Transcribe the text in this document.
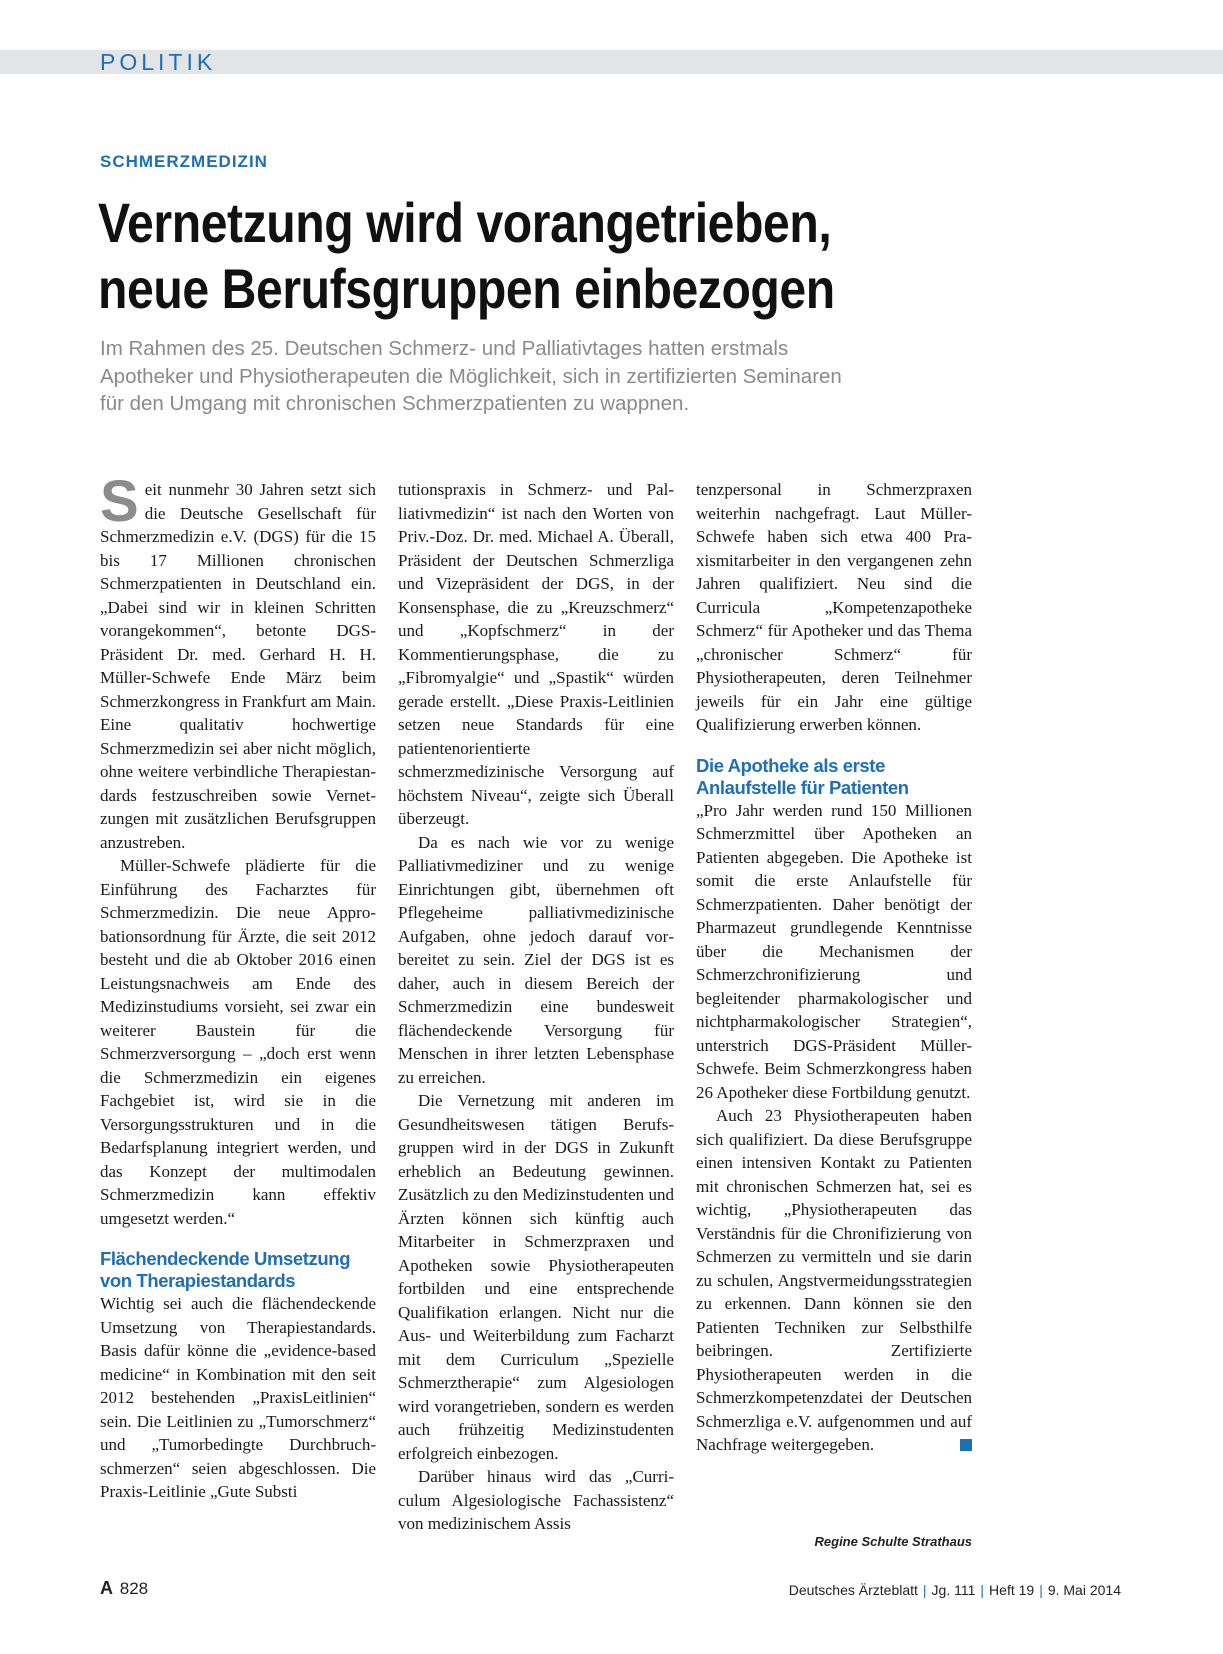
POLITIK
SCHMERZMEDIZIN
Vernetzung wird vorangetrieben,
neue Berufsgruppen einbezogen
Im Rahmen des 25. Deutschen Schmerz- und Palliativtages hatten erstmals
Apotheker und Physiotherapeuten die Möglichkeit, sich in zertifizierten Seminaren
für den Umgang mit chronischen Schmerzpatienten zu wappnen.

Seit nunmehr 30 Jahren setzt sich die Deutsche Gesellschaft für Schmerzmedizin e.V. (DGS) für die 15 bis 17 Millionen chronischen Schmerzpatienten in Deutschland ein. „Dabei sind wir in kleinen Schritten vorangekommen“, betonte DGS-Präsident Dr. med. Gerhard H. H. Müller-Schwefe Ende März beim Schmerzkongress in Frankfurt am Main. Eine qualitativ hochwertige Schmerzmedizin sei aber nicht möglich, ohne weitere verbindliche Therapiestandards festzuschreiben sowie Vernetzungen mit zusätzlichen Berufsgruppen anzustreben.

Müller-Schwefe plädierte für die Einführung des Facharztes für Schmerzmedizin. Die neue Approbationsordnung für Ärzte, die seit 2012 besteht und die ab Oktober 2016 einen Leistungsnachweis am Ende des Medizinstudiums vorsieht, sei zwar ein weiterer Baustein für die Schmerzversorgung – „doch erst wenn die Schmerzmedizin ein eigenes Fachgebiet ist, wird sie in die Versorgungsstrukturen und in die Bedarfsplanung integriert werden, und das Konzept der multimodalen Schmerzmedizin kann effektiv umgesetzt werden.“

Flächendeckende Umsetzung von Therapiestandards

Wichtig sei auch die flächendeckende Umsetzung von Therapiestandards. Basis dafür könne die „evidence-based medicine“ in Kombination mit den seit 2012 bestehenden „PraxisLeitlinien“ sein. Die Leitlinien zu „Tumorschmerz“ und „Tumorbedingte Durchbruchschmerzen“ seien abgeschlossen. Die Praxis-Leitlinie „Gute Substi

tutionspraxis in Schmerz- und Palliativmedizin“ ist nach den Worten von Priv.-Doz. Dr. med. Michael A. Überall, Präsident der Deutschen Schmerzliga und Vizepräsident der DGS, in der Konsensphase, die zu „Kreuzschmerz“ und „Kopfschmerz“ in der Kommentierungsphase, die zu „Fibromyalgie“ und „Spastik“ würden gerade erstellt. „Diese Praxis-Leitlinien setzen neue Standards für eine patientenorientierte schmerzmedizinische Versorgung auf höchstem Niveau“, zeigte sich Überall überzeugt.

Da es nach wie vor zu wenige Palliativmediziner und zu wenige Einrichtungen gibt, übernehmen oft Pflegeheime palliativmedizinische Aufgaben, ohne jedoch darauf vorbereitet zu sein. Ziel der DGS ist es daher, auch in diesem Bereich der Schmerzmedizin eine bundesweit flächendeckende Versorgung für Menschen in ihrer letzten Lebensphase zu erreichen.

Die Vernetzung mit anderen im Gesundheitswesen tätigen Berufsgruppen wird in der DGS in Zukunft erheblich an Bedeutung gewinnen. Zusätzlich zu den Medizinstudenten und Ärzten können sich künftig auch Mitarbeiter in Schmerzpraxen und Apotheken sowie Physiotherapeuten fortbilden und eine entsprechende Qualifikation erlangen. Nicht nur die Aus- und Weiterbildung zum Facharzt mit dem Curriculum „Spezielle Schmerztherapie“ zum Algesiologen wird vorangetrieben, sondern es werden auch frühzeitig Medizinstudenten erfolgreich einbezogen.

Darüber hinaus wird das „Curriculum Algesiologische Fachassistenz“ von medizinischem Assis

tenzpersonal in Schmerzpraxen weiterhin nachgefragt. Laut Müller-Schwefe haben sich etwa 400 Praxismitarbeiter in den vergangenen zehn Jahren qualifiziert. Neu sind die Curricula „Kompetenzapotheke Schmerz“ für Apotheker und das Thema „chronischer Schmerz“ für Physiotherapeuten, deren Teilnehmer jeweils für ein Jahr eine gültige Qualifizierung erwerben können.

Die Apotheke als erste Anlaufstelle für Patienten

„Pro Jahr werden rund 150 Millionen Schmerzmittel über Apotheken an Patienten abgegeben. Die Apotheke ist somit die erste Anlaufstelle für Schmerzpatienten. Daher benötigt der Pharmazeut grundlegende Kenntnisse über die Mechanismen der Schmerzchronifizierung und begleitender pharmakologischer und nichtpharmakologischer Strategien“, unterstrich DGS-Präsident Müller-Schwefe. Beim Schmerzkongress haben 26 Apotheker diese Fortbildung genutzt.

Auch 23 Physiotherapeuten haben sich qualifiziert. Da diese Berufsgruppe einen intensiven Kontakt zu Patienten mit chronischen Schmerzen hat, sei es wichtig, „Physiotherapeuten das Verständnis für die Chronifizierung von Schmerzen zu vermitteln und sie darin zu schulen, Angstvermeidungsstrategien zu erkennen. Dann können sie den Patienten Techniken zur Selbsthilfe beibringen. Zertifizierte Physiotherapeuten werden in die Schmerzkompetenzdatei der Deutschen Schmerzliga e.V. aufgenommen und auf Nachfrage weitergegeben.

Regine Schulte Strathaus
A 828	Deutsches Ärzteblatt | Jg. 111 | Heft 19 | 9. Mai 2014
